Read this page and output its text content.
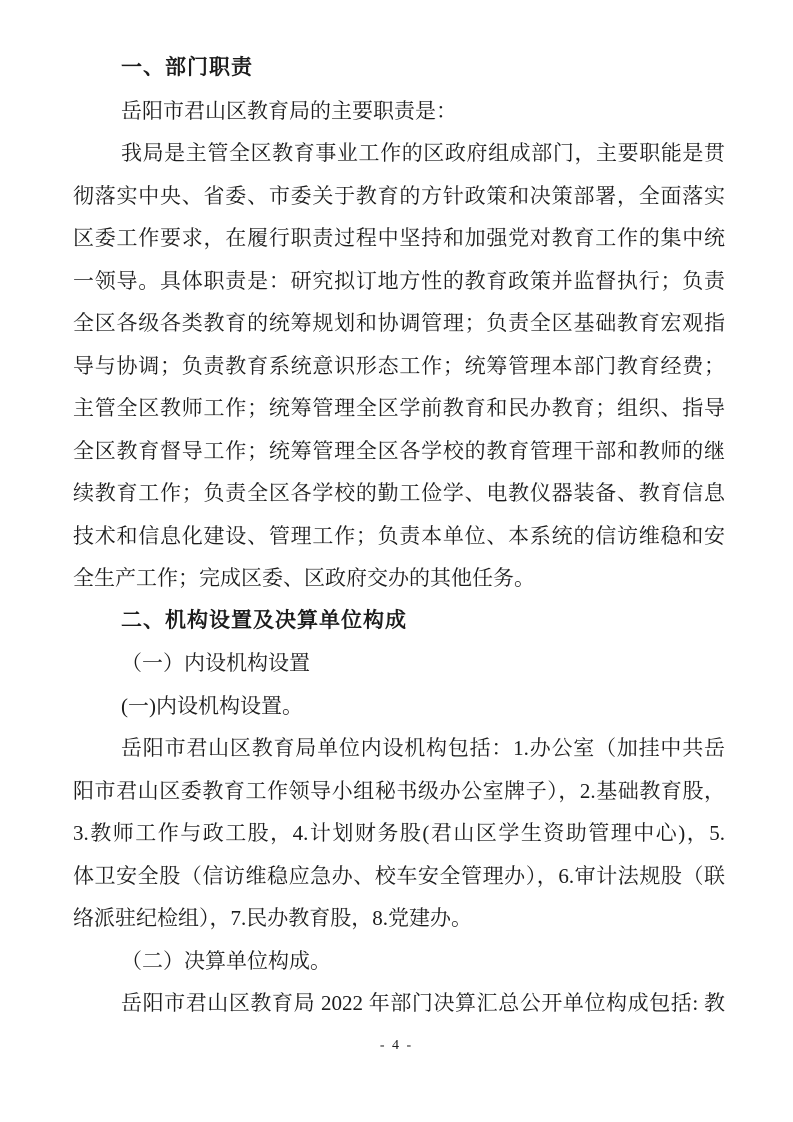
一、部门职责
岳阳市君山区教育局的主要职责是：
我局是主管全区教育事业工作的区政府组成部门，主要职能是贯
彻落实中央、省委、市委关于教育的方针政策和决策部署，全面落实
区委工作要求，在履行职责过程中坚持和加强党对教育工作的集中统
一领导。具体职责是：研究拟订地方性的教育政策并监督执行；负责
全区各级各类教育的统筹规划和协调管理；负责全区基础教育宏观指
导与协调；负责教育系统意识形态工作；统筹管理本部门教育经费；
主管全区教师工作；统筹管理全区学前教育和民办教育；组织、指导
全区教育督导工作；统筹管理全区各学校的教育管理干部和教师的继
续教育工作；负责全区各学校的勤工俭学、电教仪器装备、教育信息
技术和信息化建设、管理工作；负责本单位、本系统的信访维稳和安
全生产工作；完成区委、区政府交办的其他任务。
二、机构设置及决算单位构成
（一）内设机构设置
(一)内设机构设置。
岳阳市君山区教育局单位内设机构包括：1.办公室（加挂中共岳
阳市君山区委教育工作领导小组秘书级办公室牌子），2.基础教育股，
3.教师工作与政工股，4.计划财务股(君山区学生资助管理中心)，5.
体卫安全股（信访维稳应急办、校车安全管理办），6.审计法规股（联
络派驻纪检组），7.民办教育股，8.党建办。
（二）决算单位构成。
岳阳市君山区教育局 2022 年部门决算汇总公开单位构成包括: 教
- 4 -
